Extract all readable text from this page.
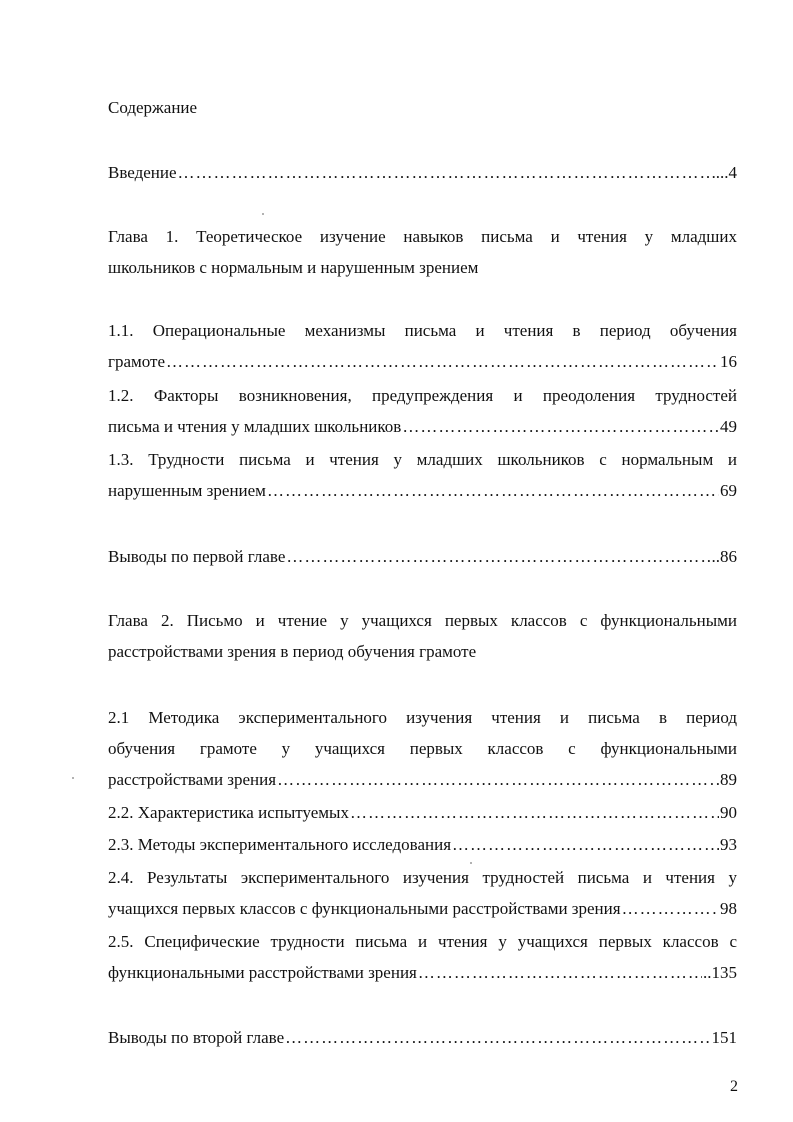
Содержание
Введение …………………………………………………………………………………………………………………………………………………………………………………………………	...4
Глава 1. Теоретическое изучение навыков письма и чтения у младших
школьников с нормальным и нарушенным зрением
1.1. Операциональные механизмы письма и чтения в период обучения
грамоте …………………………………………………………………………………………………………………………………………………………………………………………………	16
1.2. Факторы возникновения, предупреждения и преодоления трудностей
письма и чтения у младших школьников …………………………………………………………………………………………………………………………………………………………………………………………………	49
1.3. Трудности письма и чтения у младших школьников с нормальным и
нарушенным зрением …………………………………………………………………………………………………………………………………………………………………………………………………	69
Выводы по первой главе …………………………………………………………………………………………………………………………………………………………………………………………………	..86
Глава 2. Письмо и чтение у учащихся первых классов с функциональными
расстройствами зрения в период обучения грамоте
2.1 Методика экспериментального изучения чтения и письма в период
обучения грамоте у учащихся первых классов с функциональными
расстройствами зрения …………………………………………………………………………………………………………………………………………………………………………………………………	.89
2.2. Характеристика испытуемых …………………………………………………………………………………………………………………………………………………………………………………………………	90
2.3. Методы экспериментального исследования …………………………………………………………………………………………………………………………………………………………………………………………………	93
2.4. Результаты экспериментального изучения трудностей письма и чтения у
учащихся первых классов с функциональными расстройствами зрения …………………………………………………………………………………………………………………………………………………………………………………………………	98
2.5. Специфические трудности письма и чтения у учащихся первых классов с
функциональными расстройствами зрения …………………………………………………………………………………………………………………………………………………………………………………………………	..135
Выводы по второй главе …………………………………………………………………………………………………………………………………………………………………………………………………	151
2
